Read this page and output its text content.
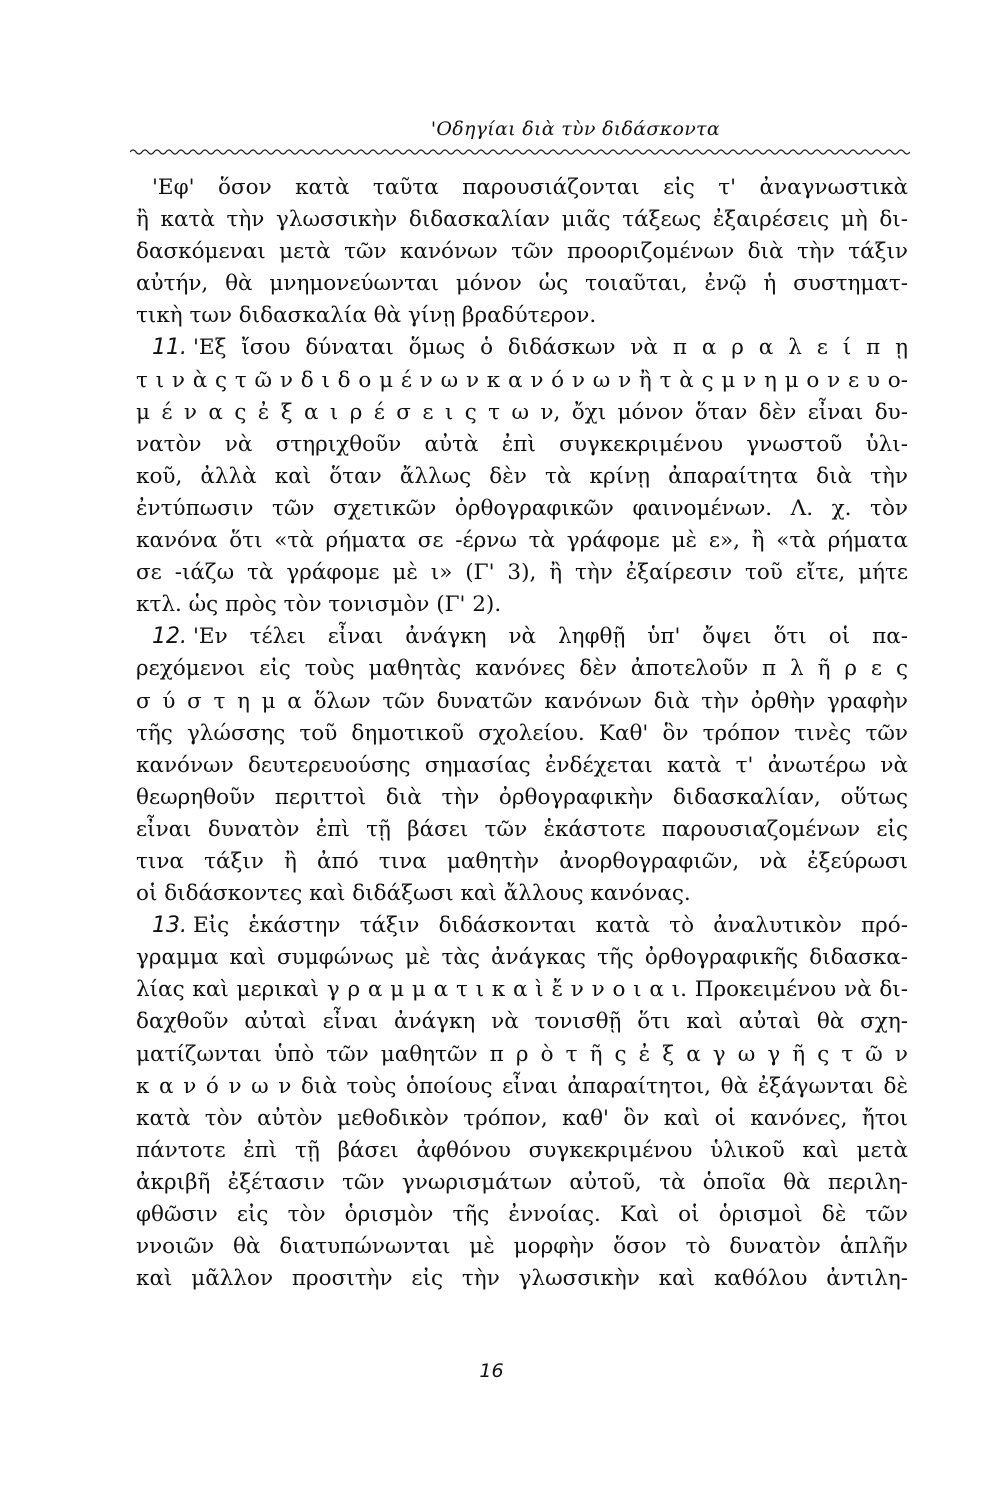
'Οδηγίαι διὰ τὺν διδάσκοντα
'Εφ' ὅσον κατὰ ταῦτα παρουσιάζονται εἰς τ' ἀναγνωστικὰ
ἢ κατὰ τὴν γλωσσικὴν διδασκαλίαν μιᾶς τάξεως ἐξαιρέσεις μὴ δι-
δασκόμεναι μετὰ τῶν κανόνων τῶν προοριζομένων διὰ τὴν τάξιν
αὐτήν, θὰ μνημονεύωνται μόνον ὡς τοιαῦται, ἐνῷ ἡ συστηματ-
τικὴ των διδασκαλία θὰ γίνῃ βραδύτερον.
11. 'Εξ ἴσου δύναται ὅμως ὁ διδάσκων νὰ π α ρ α λ ε ί π ῃ
τ ι ν ὰ ς τ ῶ ν δ ι δ ο μ έ ν ω ν κ α ν ό ν ω ν ἢ τ ὰ ς μ ν η μ ο ν ε υ ο-
μ έ ν α ς ἐ ξ α ι ρ έ σ ε ι ς τ ω ν, ὄχι μόνον ὅταν δὲν εἶναι δυ-
νατὸν νὰ στηριχθοῦν αὐτὰ ἐπὶ συγκεκριμένου γνωστοῦ ὑλι-
κοῦ, ἀλλὰ καὶ ὅταν ἄλλως δὲν τὰ κρίνῃ ἀπαραίτητα διὰ τὴν
ἐντύπωσιν τῶν σχετικῶν ὀρθογραφικῶν φαινομένων. Λ. χ. τὸν
κανόνα ὅτι «τὰ ρήματα σε -έρνω τὰ γράφομε μὲ ε», ἢ «τὰ ρήματα
σε -ιάζω τὰ γράφομε μὲ ι» (Γ' 3), ἢ τὴν ἐξαίρεσιν τοῦ εἴτε, μήτε
κτλ. ὡς πρὸς τὸν τονισμὸν (Γ' 2).
12. 'Εν τέλει εἶναι ἀνάγκη νὰ ληφθῇ ὑπ' ὄψει ὅτι οἱ πα-
ρεχόμενοι εἰς τοὺς μαθητὰς κανόνες δὲν ἀποτελοῦν π λ ῆ ρ ε ς
σ ύ σ τ η μ α ὅλων τῶν δυνατῶν κανόνων διὰ τὴν ὀρθὴν γραφὴν
τῆς γλώσσης τοῦ δημοτικοῦ σχολείου. Καθ' ὃν τρόπον τινὲς τῶν
κανόνων δευτερευούσης σημασίας ἐνδέχεται κατὰ τ' ἀνωτέρω νὰ
θεωρηθοῦν περιττοὶ διὰ τὴν ὀρθογραφικὴν διδασκαλίαν, οὕτως
εἶναι δυνατὸν ἐπὶ τῇ βάσει τῶν ἑκάστοτε παρουσιαζομένων εἰς
τινα τάξιν ἢ ἀπό τινα μαθητὴν ἀνορθογραφιῶν, νὰ ἐξεύρωσι
οἱ διδάσκοντες καὶ διδάξωσι καὶ ἄλλους κανόνας.
13. Εἰς ἑκάστην τάξιν διδάσκονται κατὰ τὸ ἀναλυτικὸν πρό-
γραμμα καὶ συμφώνως μὲ τὰς ἀνάγκας τῆς ὀρθογραφικῆς διδασκα-
λίας καὶ μερικαὶ γ ρ α μ μ α τ ι κ α ὶ ἔ ν ν ο ι α ι. Προκειμένου νὰ δι-
δαχθοῦν αὐταὶ εἶναι ἀνάγκη νὰ τονισθῇ ὅτι καὶ αὐταὶ θὰ σχη-
ματίζωνται ὑπὸ τῶν μαθητῶν π ρ ὸ τ ῆ ς ἐ ξ α γ ω γ ῆ ς τ ῶ ν
κ α ν ό ν ω ν διὰ τοὺς ὁποίους εἶναι ἀπαραίτητοι, θὰ ἐξάγωνται δὲ
κατὰ τὸν αὐτὸν μεθοδικὸν τρόπον, καθ' ὃν καὶ οἱ κανόνες, ἤτοι
πάντοτε ἐπὶ τῇ βάσει ἀφθόνου συγκεκριμένου ὑλικοῦ καὶ μετὰ
ἀκριβῆ ἐξέτασιν τῶν γνωρισμάτων αὐτοῦ, τὰ ὁποῖα θὰ περιλη-
φθῶσιν εἰς τὸν ὁρισμὸν τῆς ἐννοίας. Καὶ οἱ ὁρισμοὶ δὲ τῶν
ννοιῶν θὰ διατυπώνωνται μὲ μορφὴν ὅσον τὸ δυνατὸν ἁπλῆν
καὶ μᾶλλον προσιτὴν εἰς τὴν γλωσσικὴν καὶ καθόλου ἀντιλη-
16
